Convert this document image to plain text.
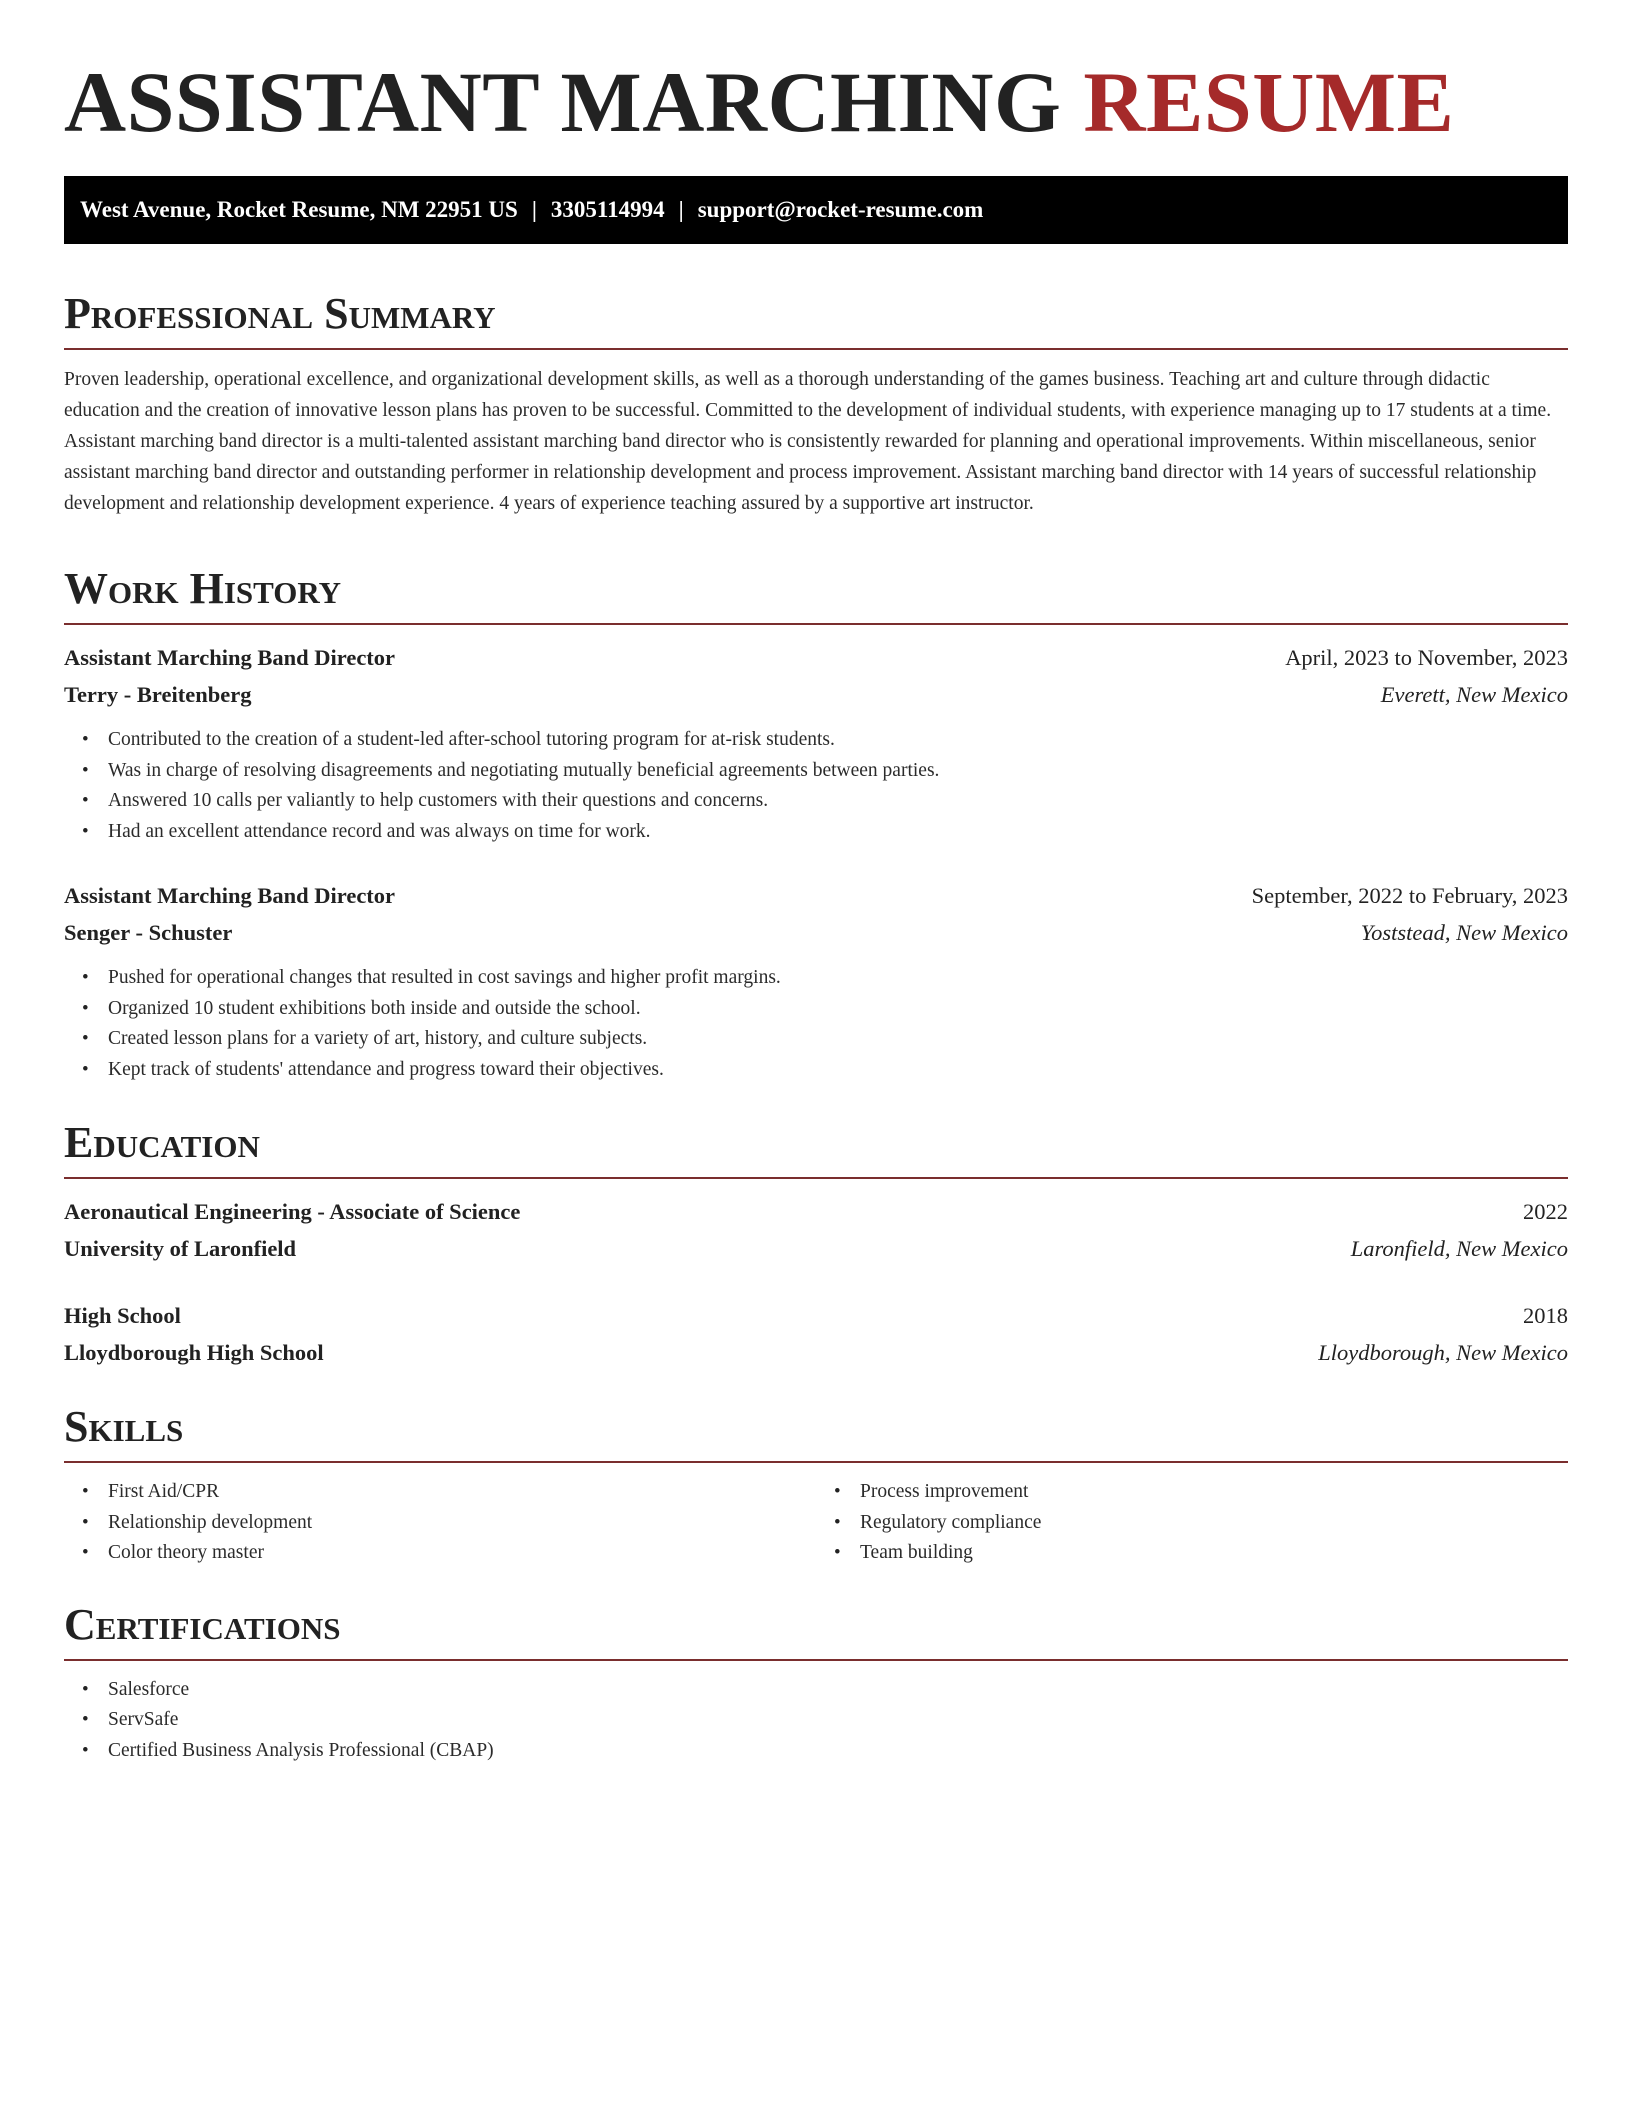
ASSISTANT MARCHING RESUME
West Avenue, Rocket Resume, NM 22951 US | 3305114994 | support@rocket-resume.com
Professional Summary

Proven leadership, operational excellence, and organizational development skills, as well as a thorough understanding of the games business. Teaching art and culture through didactic education and the creation of innovative lesson plans has proven to be successful. Committed to the development of individual students, with experience managing up to 17 students at a time. Assistant marching band director is a multi-talented assistant marching band director who is consistently rewarded for planning and operational improvements. Within miscellaneous, senior assistant marching band director and outstanding performer in relationship development and process improvement. Assistant marching band director with 14 years of successful relationship development and relationship development experience. 4 years of experience teaching assured by a supportive art instructor.

Work History
Assistant Marching Band Director	April, 2023 to November, 2023
Terry - Breitenberg	Everett, New Mexico
• Contributed to the creation of a student-led after-school tutoring program for at-risk students.
• Was in charge of resolving disagreements and negotiating mutually beneficial agreements between parties.
• Answered 10 calls per valiantly to help customers with their questions and concerns.
• Had an excellent attendance record and was always on time for work.
Assistant Marching Band Director	September, 2022 to February, 2023
Senger - Schuster	Yoststead, New Mexico
• Pushed for operational changes that resulted in cost savings and higher profit margins.
• Organized 10 student exhibitions both inside and outside the school.
• Created lesson plans for a variety of art, history, and culture subjects.
• Kept track of students' attendance and progress toward their objectives.
Education
Aeronautical Engineering - Associate of Science	2022
University of Laronfield	Laronfield, New Mexico
High School	2018
Lloydborough High School	Lloydborough, New Mexico
Skills
• First Aid/CPR
• Relationship development
• Color theory master
• Process improvement
• Regulatory compliance
• Team building
Certifications
• Salesforce
• ServSafe
• Certified Business Analysis Professional (CBAP)
